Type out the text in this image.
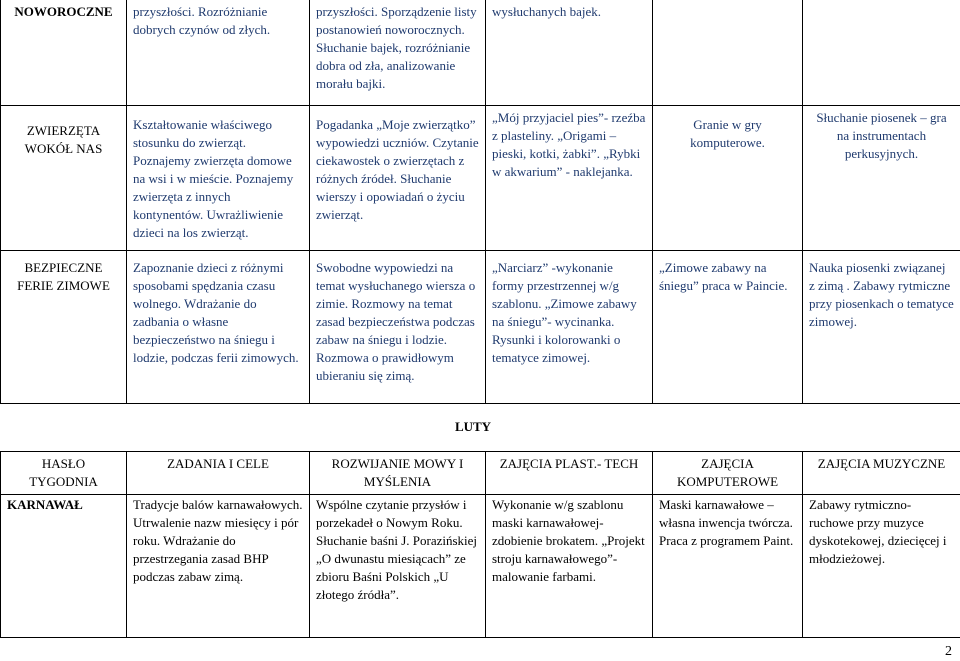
NOWOROCZNE	przyszłości. Rozróżnianie dobrych czynów od złych.	przyszłości. Sporządzenie listy postanowień noworocznych. Słuchanie bajek, rozróżnianie dobra od zła, analizowanie morału bajki.	wysłuchanych bajek.		
ZWIERZĘTA WOKÓŁ NAS	Kształtowanie właściwego stosunku do zwierząt. Poznajemy zwierzęta domowe na wsi i w mieście. Poznajemy zwierzęta z innych kontynentów. Uwrażliwienie dzieci na los zwierząt.	Pogadanka „Moje zwierzątko” wypowiedzi uczniów. Czytanie ciekawostek o zwierzętach z różnych źródeł. Słuchanie wierszy i opowiadań o życiu zwierząt.	„Mój przyjaciel pies”- rzeźba z plasteliny. „Origami – pieski, kotki, żabki”. „Rybki w akwarium” - naklejanka.	Granie w gry komputerowe.	Słuchanie piosenek – gra na instrumentach perkusyjnych.
BEZPIECZNE FERIE ZIMOWE	Zapoznanie dzieci z różnymi sposobami spędzania czasu wolnego. Wdrażanie do zadbania o własne bezpieczeństwo na śniegu i lodzie, podczas ferii zimowych.	Swobodne wypowiedzi na temat wysłuchanego wiersza o zimie. Rozmowy na temat zasad bezpieczeństwa podczas zabaw na śniegu i lodzie. Rozmowa o prawidłowym ubieraniu się zimą.	„Narciarz” -wykonanie formy przestrzennej w/g szablonu. „Zimowe zabawy na śniegu”- wycinanka. Rysunki i kolorowanki o tematyce zimowej.	„Zimowe zabawy na śniegu” praca w Paincie.	Nauka piosenki związanej z zimą . Zabawy rytmiczne przy piosenkach o tematyce zimowej.
LUTY
HASŁO TYGODNIA	ZADANIA I CELE	ROZWIJANIE MOWY I MYŚLENIA	ZAJĘCIA PLAST.- TECH	ZAJĘCIA KOMPUTEROWE	ZAJĘCIA MUZYCZNE
KARNAWAŁ	Tradycje balów karnawałowych. Utrwalenie nazw miesięcy i pór roku. Wdrażanie do przestrzegania zasad BHP podczas zabaw zimą.	Wspólne czytanie przysłów i porzekadeł o Nowym Roku. Słuchanie baśni J. Porazińskiej „O dwunastu miesiącach” ze zbioru Baśni Polskich „U złotego źródła”.	Wykonanie w/g szablonu maski karnawałowej-zdobienie brokatem. „Projekt stroju karnawałowego”- malowanie farbami.	Maski karnawałowe – własna inwencja twórcza. Praca z programem Paint.	Zabawy rytmiczno-ruchowe przy muzyce dyskotekowej, dziecięcej i młodzieżowej.
2
